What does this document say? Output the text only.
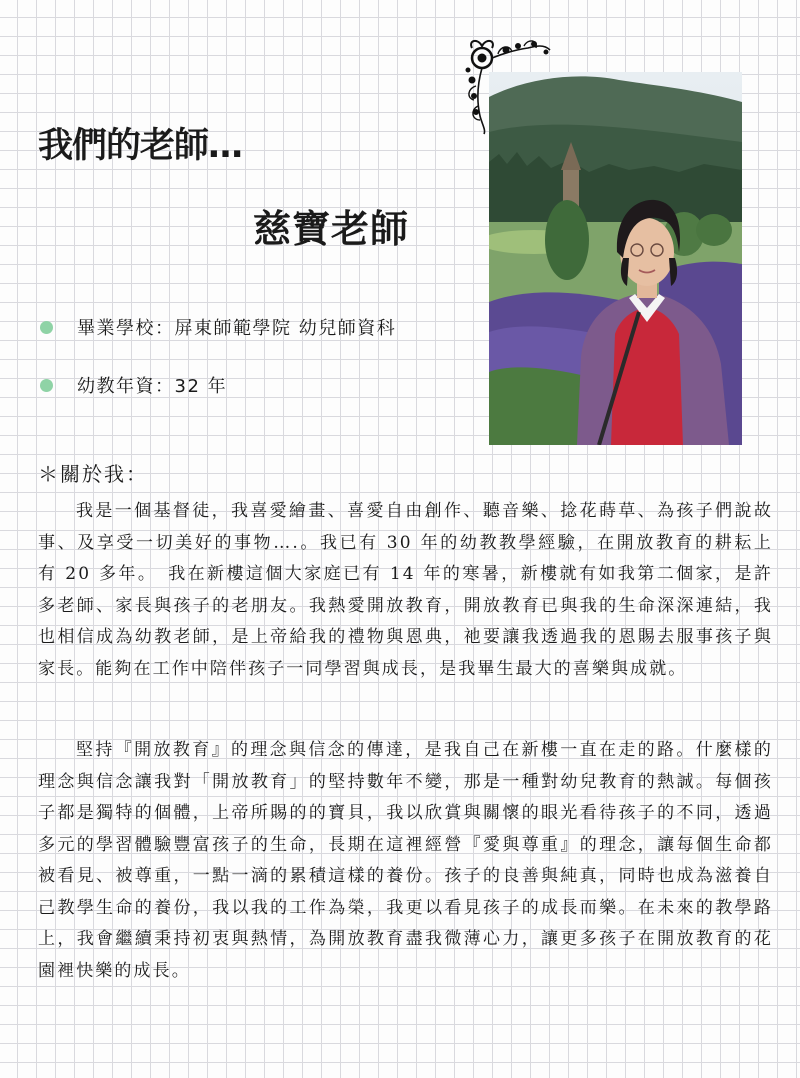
我們的老師…
慈寶老師
畢業學校：屏東師範學院 幼兒師資科
幼教年資：32 年
＊關於我：

我是一個基督徒，我喜愛繪畫、喜愛自由創作、聽音樂、捻花蒔草、為孩子們說故事、及享受一切美好的事物….。我已有 30 年的幼教教學經驗，在開放教育的耕耘上有 20 多年。　我在新樓這個大家庭已有 14 年的寒暑，新樓就有如我第二個家，是許多老師、家長與孩子的老朋友。我熱愛開放教育，開放教育已與我的生命深深連結，我也相信成為幼教老師，是上帝給我的禮物與恩典，祂要讓我透過我的恩賜去服事孩子與家長。能夠在工作中陪伴孩子一同學習與成長，是我畢生最大的喜樂與成就。

堅持『開放教育』的理念與信念的傳達，是我自己在新樓一直在走的路。什麼樣的理念與信念讓我對「開放教育」的堅持數年不變，那是一種對幼兒教育的熱誠。每個孩子都是獨特的個體，上帝所賜的的寶貝，我以欣賞與關懷的眼光看待孩子的不同，透過多元的學習體驗豐富孩子的生命，長期在這裡經營『愛與尊重』的理念，讓每個生命都被看見、被尊重，一點一滴的累積這樣的養份。孩子的良善與純真，同時也成為滋養自己教學生命的養份，我以我的工作為榮，我更以看見孩子的成長而樂。在未來的教學路上，我會繼續秉持初衷與熱情，為開放教育盡我微薄心力，讓更多孩子在開放教育的花園裡快樂的成長。
